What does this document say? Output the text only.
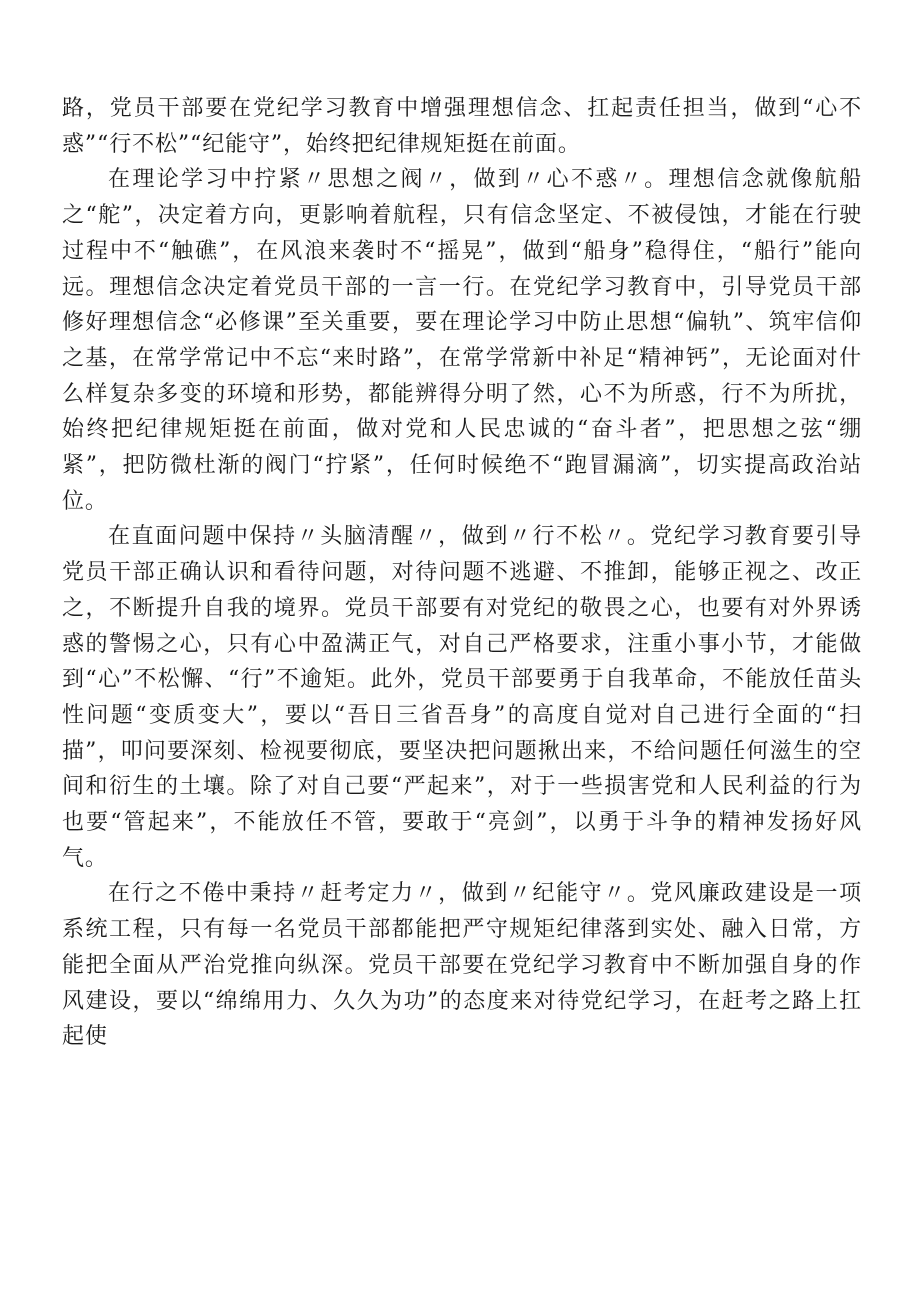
路，党员干部要在党纪学习教育中增强理想信念、扛起责任担当，做到“心不惑”“行不松”“纪能守”，始终把纪律规矩挺在前面。

在理论学习中拧紧〃思想之阀〃，做到〃心不惑〃。理想信念就像航船之“舵”，决定着方向，更影响着航程，只有信念坚定、不被侵蚀，才能在行驶过程中不“触礁”，在风浪来袭时不“摇晃”，做到“船身”稳得住，“船行”能向远。理想信念决定着党员干部的一言一行。在党纪学习教育中，引导党员干部修好理想信念“必修课”至关重要，要在理论学习中防止思想“偏轨”、筑牢信仰之基，在常学常记中不忘“来时路”，在常学常新中补足“精神钙”，无论面对什么样复杂多变的环境和形势，都能辨得分明了然，心不为所惑，行不为所扰，始终把纪律规矩挺在前面，做对党和人民忠诚的“奋斗者”，把思想之弦“绷紧”，把防微杜渐的阀门“拧紧”，任何时候绝不“跑冒漏滴”，切实提高政治站位。

在直面问题中保持〃头脑清醒〃，做到〃行不松〃。党纪学习教育要引导党员干部正确认识和看待问题，对待问题不逃避、不推卸，能够正视之、改正之，不断提升自我的境界。党员干部要有对党纪的敬畏之心，也要有对外界诱惑的警惕之心，只有心中盈满正气，对自己严格要求，注重小事小节，才能做到“心”不松懈、“行”不逾矩。此外，党员干部要勇于自我革命，不能放任苗头性问题“变质变大”，要以“吾日三省吾身”的高度自觉对自己进行全面的“扫描”，叩问要深刻、检视要彻底，要坚决把问题揪出来，不给问题任何滋生的空间和衍生的土壤。除了对自己要“严起来”，对于一些损害党和人民利益的行为也要“管起来”，不能放任不管，要敢于“亮剑”，以勇于斗争的精神发扬好风气。

在行之不倦中秉持〃赶考定力〃，做到〃纪能守〃。党风廉政建设是一项系统工程，只有每一名党员干部都能把严守规矩纪律落到实处、融入日常，方能把全面从严治党推向纵深。党员干部要在党纪学习教育中不断加强自身的作风建设，要以“绵绵用力、久久为功”的态度来对待党纪学习，在赶考之路上扛起使
